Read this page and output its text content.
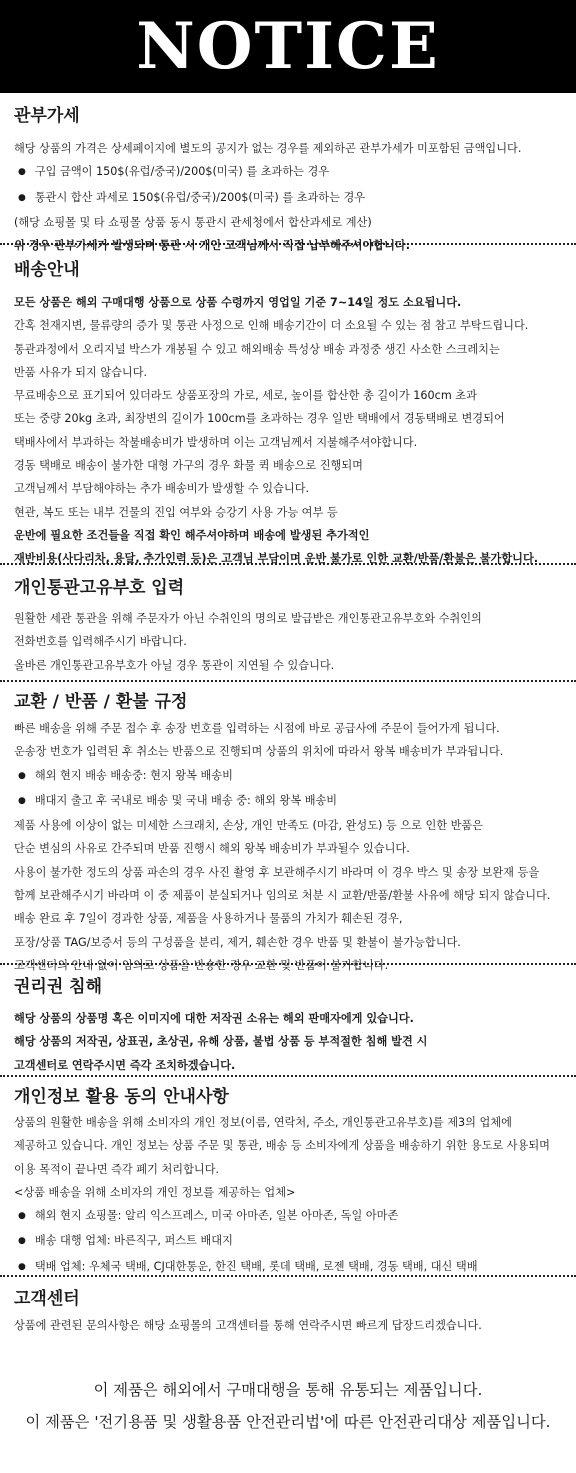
NOTICE
관부가세

해당 상품의 가격은 상세페이지에 별도의 공지가 없는 경우를 제외하곤 관부가세가 미포함된 금액입니다.

● 구입 금액이 150$(유럽/중국)/200$(미국) 를 초과하는 경우

● 통관시 합산 과세로 150$(유럽/중국)/200$(미국) 를 초과하는 경우

(해당 쇼핑몰 및 타 쇼핑몰 상품 동시 통관시 관세청에서 합산과세로 계산)

위 경우 관부가세가 발생되며 통관 시 개인 고객님께서 직접 납부해주셔야합니다.

배송안내

모든 상품은 해외 구매대행 상품으로 상품 수령까지 영업일 기준 7~14일 정도 소요됩니다.

간혹 천재지변, 물류량의 증가 및 통관 사정으로 인해 배송기간이 더 소요될 수 있는 점 참고 부탁드립니다.

통관과정에서 오리지널 박스가 개봉될 수 있고 해외배송 특성상 배송 과정중 생긴 사소한 스크레치는

반품 사유가 되지 않습니다.

무료배송으로 표기되어 있더라도 상품포장의 가로, 세로, 높이를 합산한 총 길이가 160cm 초과

또는 중량 20kg 초과, 최장변의 길이가 100cm를 초과하는 경우 일반 택배에서 경동택배로 변경되어

택배사에서 부과하는 착불배송비가 발생하며 이는 고객님께서 지불해주셔야합니다.

경동 택배로 배송이 불가한 대형 가구의 경우 화물 퀵 배송으로 진행되며

고객님께서 부담해야하는 추가 배송비가 발생할 수 있습니다.

현관, 복도 또는 내부 건물의 진입 여부와 승강기 사용 가능 여부 등

운반에 필요한 조건들을 직접 확인 해주셔야하며 배송에 발생된 추가적인

재반비용(사다리차, 용달, 추가인력 등)은 고객님 부담이며 운반 불가로 인한 교환/반품/환불은 불가합니다.

개인통관고유부호 입력

원활한 세관 통관을 위해 주문자가 아닌 수취인의 명의로 발급받은 개인통관고유부호와 수취인의

전화번호를 입력해주시기 바랍니다.

올바른 개인통관고유부호가 아닐 경우 통관이 지연될 수 있습니다.

교환 / 반품 / 환불 규정

빠른 배송을 위해 주문 접수 후 송장 번호를 입력하는 시점에 바로 공급사에 주문이 들어가게 됩니다.

운송장 번호가 입력된 후 취소는 반품으로 진행되며 상품의 위치에 따라서 왕복 배송비가 부과됩니다.

● 해외 현지 배송 배송중: 현지 왕복 배송비

● 배대지 출고 후 국내로 배송 및 국내 배송 중: 해외 왕복 배송비

제품 사용에 이상이 없는 미세한 스크래치, 손상, 개인 만족도 (마감, 완성도) 등 으로 인한 반품은

단순 변심의 사유로 간주되며 반품 진행시 해외 왕복 배송비가 부과될수 있습니다.

사용이 불가한 정도의 상품 파손의 경우 사진 촬영 후 보관해주시기 바라며 이 경우 박스 및 송장 보완재 등을

함께 보관해주시기 바라며 이 중 제품이 분실되거나 임의로 처분 시 교환/반품/환불 사유에 해당 되지 않습니다.

배송 완료 후 7일이 경과한 상품, 제품을 사용하거나 물품의 가치가 훼손된 경우,

포장/상품 TAG/보증서 등의 구성품을 분리, 제거, 훼손한 경우 반품 및 환불이 불가능합니다.

고객센터의 안내 없이 임의로 상품을 반송한 경우 교환 및 반품이 불가합니다.

권리권 침해

해당 상품의 상품명 혹은 이미지에 대한 저작권 소유는 해외 판매자에게 있습니다.

해당 상품의 저작권, 상표권, 초상권, 유해 상품, 불법 상품 등 부적절한 침해 발견 시

고객센터로 연락주시면 즉각 조치하겠습니다.

개인정보 활용 동의 안내사항

상품의 원활한 배송을 위해 소비자의 개인 정보(이름, 연락처, 주소, 개인통관고유부호)를 제3의 업체에

제공하고 있습니다. 개인 정보는 상품 주문 및 통관, 배송 등 소비자에게 상품을 배송하기 위한 용도로 사용되며

이용 목적이 끝나면 즉각 폐기 처리합니다.

<상품 배송을 위해 소비자의 개인 정보를 제공하는 업체>

● 해외 현지 쇼핑몰: 알리 익스프레스, 미국 아마존, 일본 아마존, 독일 아마존

● 배송 대행 업체: 바른직구, 퍼스트 배대지

● 택배 업체: 우체국 택배, CJ대한통운, 한진 택배, 롯데 택배, 로젠 택배, 경동 택배, 대신 택배

고객센터

상품에 관련된 문의사항은 해당 쇼핑몰의 고객센터를 통해 연락주시면 빠르게 답장드리겠습니다.

이 제품은 해외에서 구매대행을 통해 유통되는 제품입니다.

이 제품은 '전기용품 및 생활용품 안전관리법'에 따른 안전관리대상 제품입니다.
